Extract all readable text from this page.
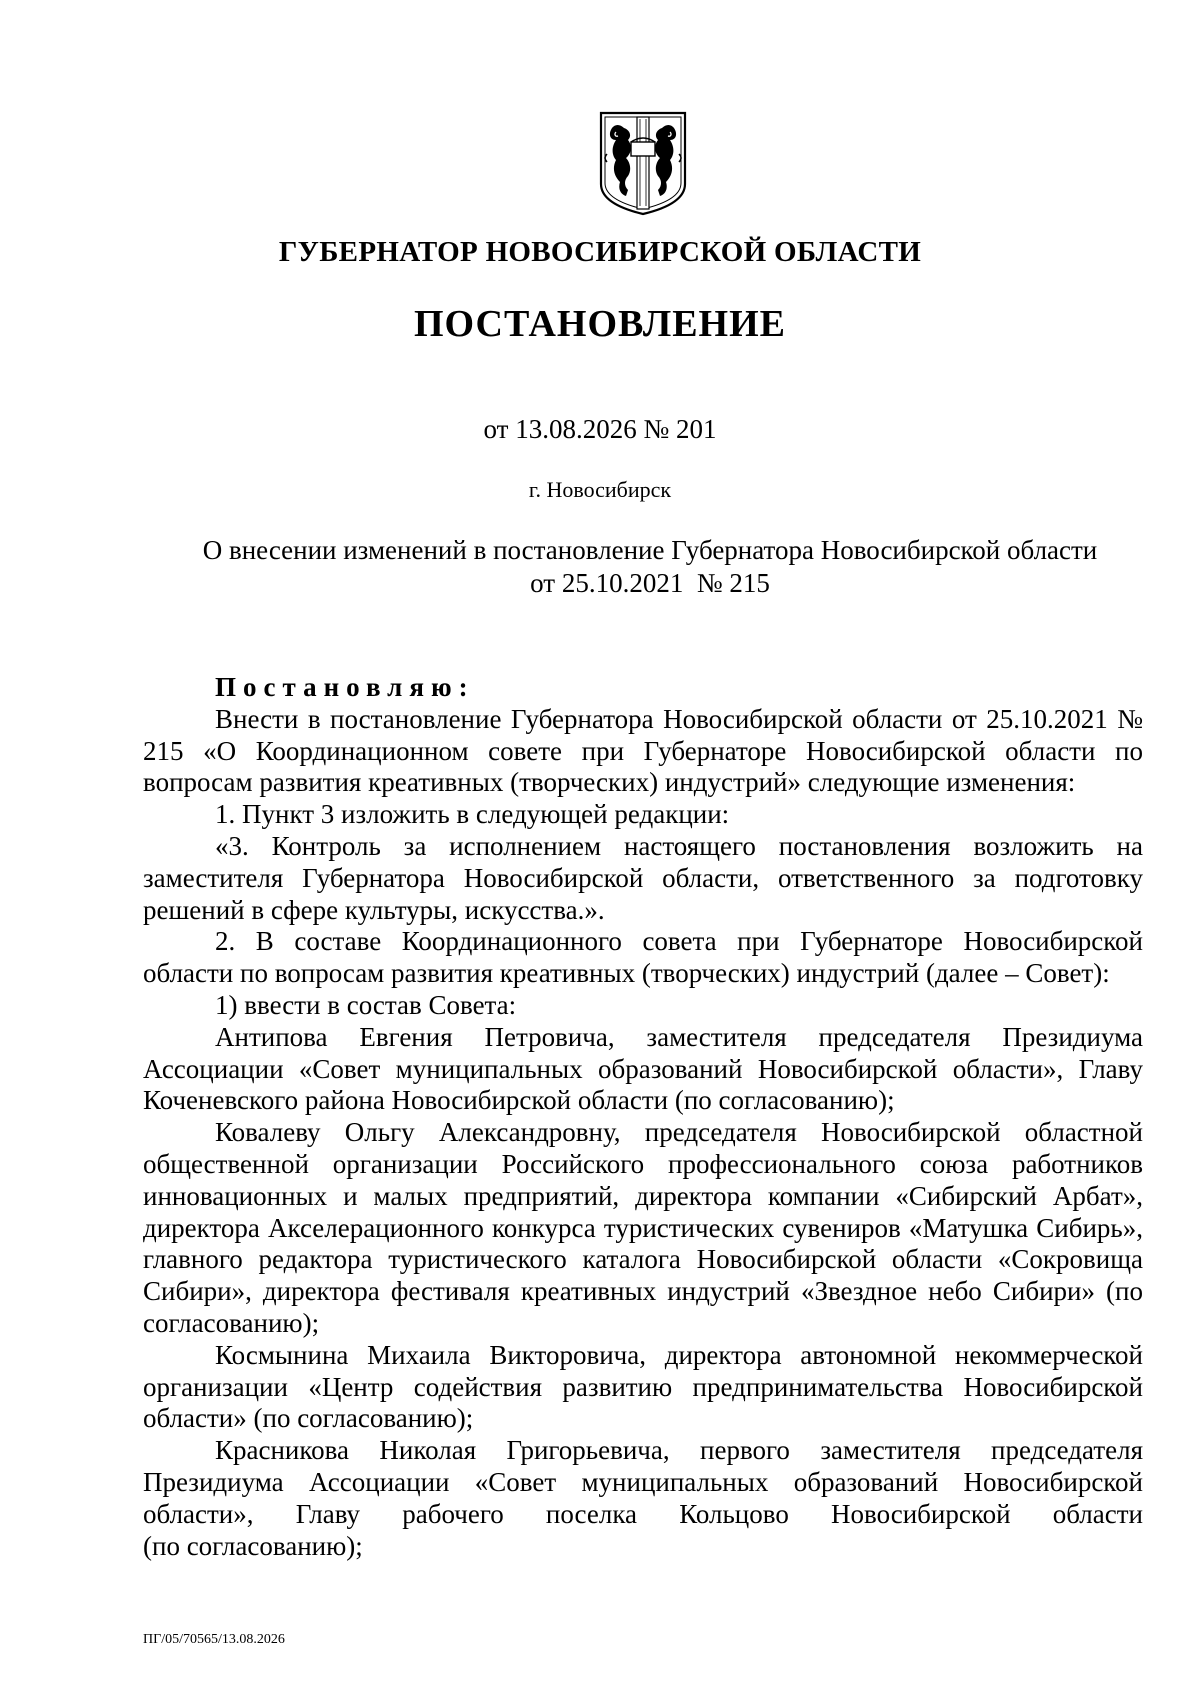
ГУБЕРНАТОР НОВОСИБИРСКОЙ ОБЛАСТИ
ПОСТАНОВЛЕНИЕ
от 13.08.2026 № 201
г. Новосибирск
О внесении изменений в постановление Губернатора Новосибирской области
от 25.10.2021  № 215

Постановляю:

Внести в постановление Губернатора Новосибирской области от 25.10.2021 № 215 «О Координационном совете при Губернаторе Новосибирской области по вопросам развития креативных (творческих) индустрий» следующие изменения:

1. Пункт 3 изложить в следующей редакции:

«3. Контроль за исполнением настоящего постановления возложить на заместителя Губернатора Новосибирской области, ответственного за подготовку решений в сфере культуры, искусства.».

2. В составе Координационного совета при Губернаторе Новосибирской области по вопросам развития креативных (творческих) индустрий (далее – Совет):

1) ввести в состав Совета:

Антипова Евгения Петровича, заместителя председателя Президиума Ассоциации «Совет муниципальных образований Новосибирской области», Главу Коченевского района Новосибирской области (по согласованию);

Ковалеву Ольгу Александровну, председателя Новосибирской областной общественной организации Российского профессионального союза работников инновационных и малых предприятий, директора компании «Сибирский Арбат», директора Акселерационного конкурса туристических сувениров «Матушка Сибирь», главного редактора туристического каталога Новосибирской области «Сокровища Сибири», директора фестиваля креативных индустрий «Звездное небо Сибири» (по согласованию);

Космынина Михаила Викторовича, директора автономной некоммерческой организации «Центр содействия развитию предпринимательства Новосибирской области» (по согласованию);

Красникова Николая Григорьевича, первого заместителя председателя

Президиума Ассоциации «Совет муниципальных образований Новосибирской

области», Главу рабочего поселка Кольцово Новосибирской области

(по согласованию);

ПГ/05/70565/13.08.2026
